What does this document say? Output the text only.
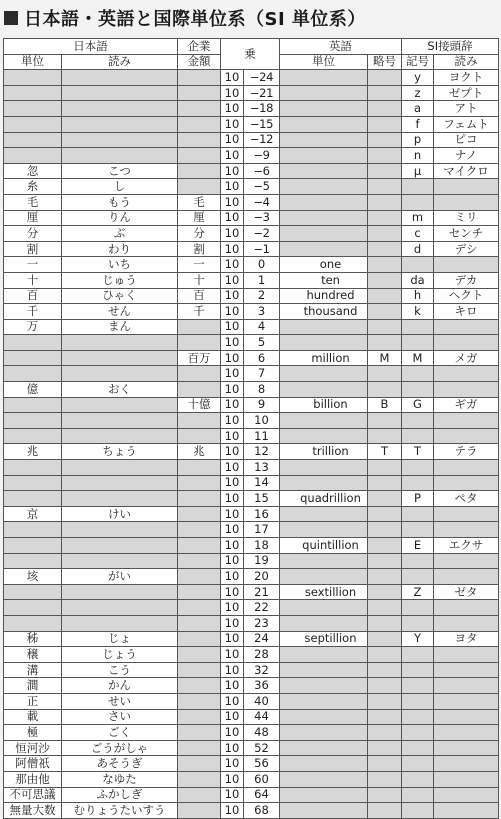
日本語・英語と国際単位系（SI 単位系）
日本語		企業	乗		英語		SI接頭辞	
単位	読み	金額			単位	略号	記号	読み
			10	−24			y	ヨクト
			10	−21			z	ゼプト
			10	−18			a	アト
			10	−15			f	フェムト
			10	−12			p	ピコ
			10	−9			n	ナノ
忽	こつ		10	−6			μ	マイクロ
糸	し		10	−5				
毛	もう	毛	10	−4				
厘	りん	厘	10	−3			m	ミリ
分	ぶ	分	10	−2			c	センチ
割	わり	割	10	−1			d	デシ
一	いち	一	10	0	one			
十	じゅう	十	10	1	ten		da	デカ
百	ひゃく	百	10	2	hundred		h	ヘクト
千	せん	千	10	3	thousand		k	キロ
万	まん		10	4				
			10	5				
		百万	10	6	million	M	M	メガ
			10	7				
億	おく		10	8				
		十億	10	9	billion	B	G	ギガ
			10	10				
			10	11				
兆	ちょう	兆	10	12	trillion	T	T	テラ
			10	13				
			10	14				
			10	15	quadrillion		P	ペタ
京	けい		10	16				
			10	17				
			10	18	quintillion		E	エクサ
			10	19				
垓	がい		10	20				
			10	21	sextillion		Z	ゼタ
			10	22				
			10	23				
秭	じょ		10	24	septillion		Y	ヨタ
穣	じょう		10	28				
溝	こう		10	32				
澗	かん		10	36				
正	せい		10	40				
載	さい		10	44				
極	ごく		10	48				
恒河沙	ごうがしゃ		10	52				
阿僧祇	あそうぎ		10	56				
那由他	なゆた		10	60				
不可思議	ふかしぎ		10	64				
無量大数	むりょうたいすう		10	68				
